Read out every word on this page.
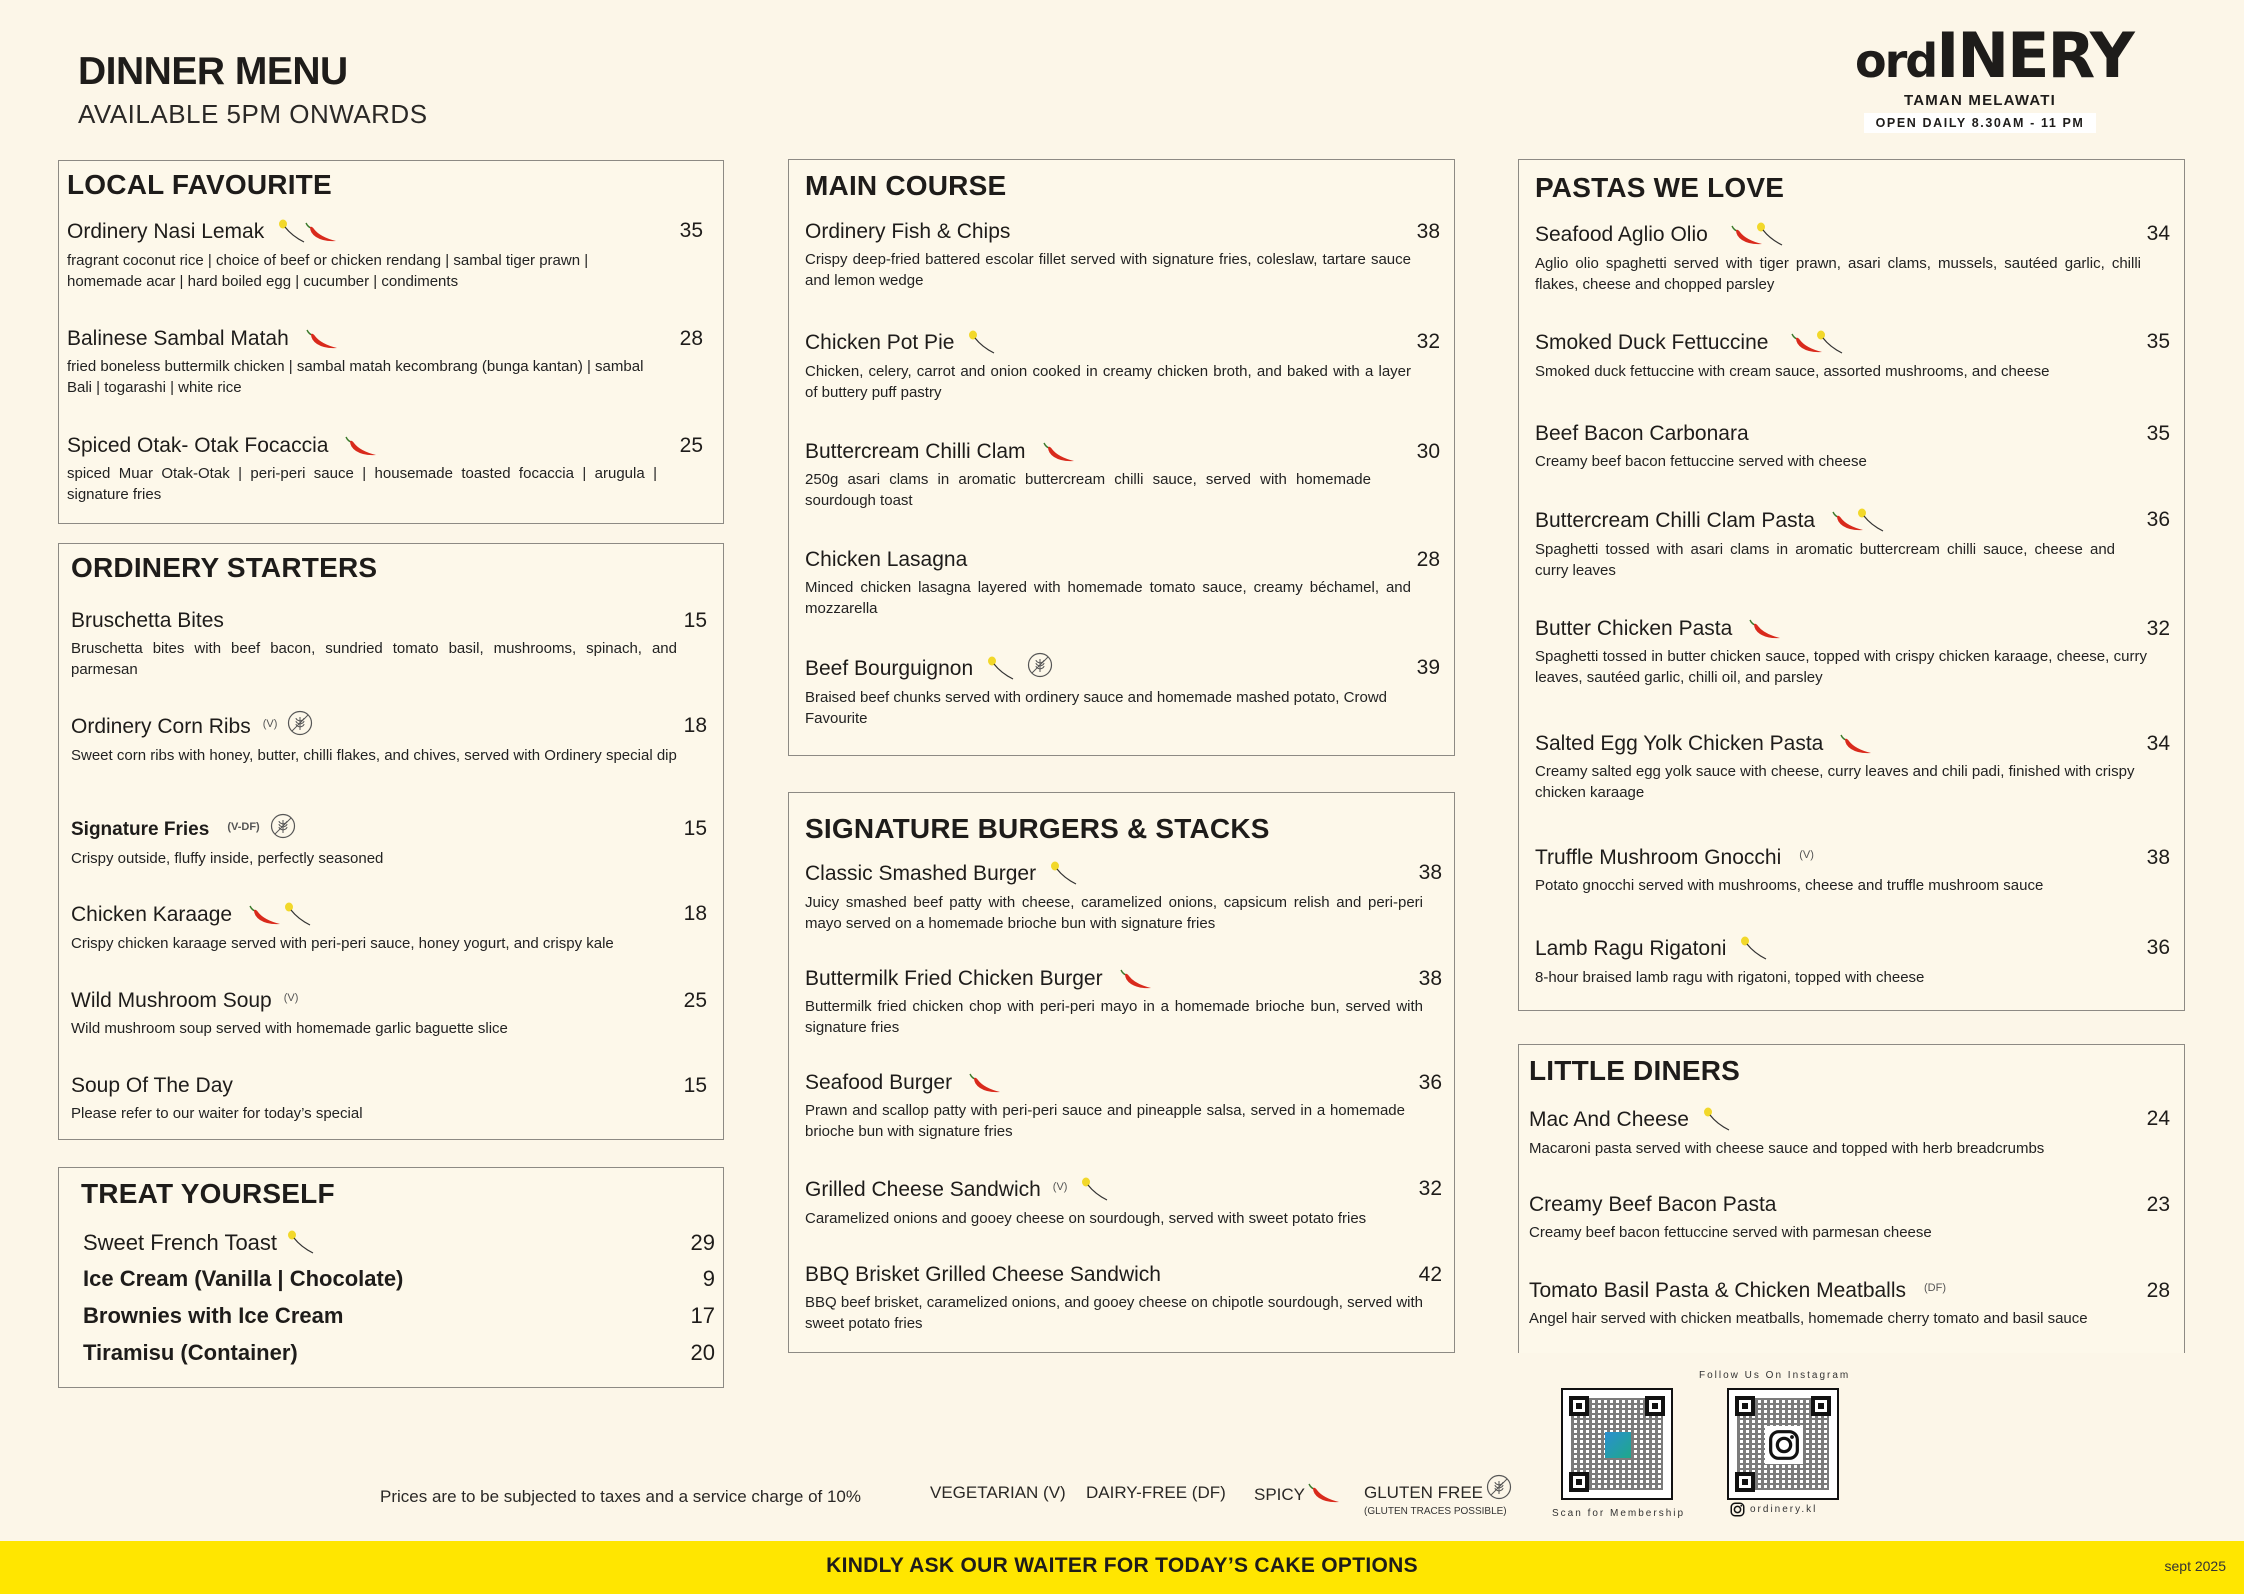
DINNER MENU
AVAILABLE 5PM ONWARDS
ordINERY
TAMAN MELAWATI
OPEN DAILY 8.30AM - 11 PM
LOCAL FAVOURITE
Ordinery Nasi Lemak	35
fragrant coconut rice | choice of beef or chicken rendang | sambal tiger prawn | homemade acar | hard boiled egg | cucumber | condiments
Balinese Sambal Matah	28
fried boneless buttermilk chicken | sambal matah kecombrang (bunga kantan) | sambal Bali | togarashi | white rice
Spiced Otak- Otak Focaccia	25
spiced Muar Otak-Otak | peri-peri sauce | housemade toasted focaccia | arugula | signature fries
ORDINERY STARTERS
Bruschetta Bites	15
Bruschetta bites with beef bacon, sundried tomato basil, mushrooms, spinach, and parmesan
Ordinery Corn Ribs (V)	18
Sweet corn ribs with honey, butter, chilli flakes, and chives, served with Ordinery special dip
Signature Fries (V-DF)	15
Crispy outside, fluffy inside, perfectly seasoned
Chicken Karaage	18
Crispy chicken karaage served with peri-peri sauce, honey yogurt, and crispy kale
Wild Mushroom Soup (V)	25
Wild mushroom soup served with homemade garlic baguette slice
Soup Of The Day	15
Please refer to our waiter for today’s special
TREAT YOURSELF
Sweet French Toast	29
Ice Cream (Vanilla | Chocolate)	9
Brownies with Ice Cream	17
Tiramisu (Container)	20
MAIN COURSE
Ordinery Fish & Chips	38
Crispy deep-fried battered escolar fillet served with signature fries, coleslaw, tartare sauce and lemon wedge
Chicken Pot Pie	32
Chicken, celery, carrot and onion cooked in creamy chicken broth, and baked with a layer of buttery puff pastry
Buttercream Chilli Clam	30
250g asari clams in aromatic buttercream chilli sauce, served with homemade sourdough toast
Chicken Lasagna	28
Minced chicken lasagna layered with homemade tomato sauce, creamy béchamel, and mozzarella
Beef Bourguignon	39
Braised beef chunks served with ordinery sauce and homemade mashed potato, Crowd Favourite
SIGNATURE BURGERS & STACKS
Classic Smashed Burger	38
Juicy smashed beef patty with cheese, caramelized onions, capsicum relish and peri-peri mayo served on a homemade brioche bun with signature fries
Buttermilk Fried Chicken Burger	38
Buttermilk fried chicken chop with peri-peri mayo in a homemade brioche bun, served with signature fries
Seafood Burger	36
Prawn and scallop patty with peri-peri sauce and pineapple salsa, served in a homemade brioche bun with signature fries
Grilled Cheese Sandwich (V)	32
Caramelized onions and gooey cheese on sourdough, served with sweet potato fries
BBQ Brisket Grilled Cheese Sandwich	42
BBQ beef brisket, caramelized onions, and gooey cheese on chipotle sourdough, served with sweet potato fries
PASTAS WE LOVE
Seafood Aglio Olio	34
Aglio olio spaghetti served with tiger prawn, asari clams, mussels, sautéed garlic, chilli flakes, cheese and chopped parsley
Smoked Duck Fettuccine	35
Smoked duck fettuccine with cream sauce, assorted mushrooms, and cheese
Beef Bacon Carbonara	35
Creamy beef bacon fettuccine served with cheese
Buttercream Chilli Clam Pasta	36
Spaghetti tossed with asari clams in aromatic buttercream chilli sauce, cheese and curry leaves
Butter Chicken Pasta	32
Spaghetti tossed in butter chicken sauce, topped with crispy chicken karaage, cheese, curry leaves, sautéed garlic, chilli oil, and parsley
Salted Egg Yolk Chicken Pasta	34
Creamy salted egg yolk sauce with cheese, curry leaves and chili padi, finished with crispy chicken karaage
Truffle Mushroom Gnocchi (V)	38
Potato gnocchi served with mushrooms, cheese and truffle mushroom sauce
Lamb Ragu Rigatoni	36
8-hour braised lamb ragu with rigatoni, topped with cheese
LITTLE DINERS
Mac And Cheese	24
Macaroni pasta served with cheese sauce and topped with herb breadcrumbs
Creamy Beef Bacon Pasta	23
Creamy beef bacon fettuccine served with parmesan cheese
Tomato Basil Pasta & Chicken Meatballs (DF)	28
Angel hair served with chicken meatballs, homemade cherry tomato and basil sauce
Prices are to be subjected to taxes and a service charge of 10%	VEGETARIAN (V) DAIRY-FREE (DF) SPICY	GLUTEN FREE
(GLUTEN TRACES POSSIBLE)	Scan for Membership
Follow Us On Instagram
ordinery.kl
KINDLY ASK OUR WAITER FOR TODAY’S CAKE OPTIONS	sept 2025
